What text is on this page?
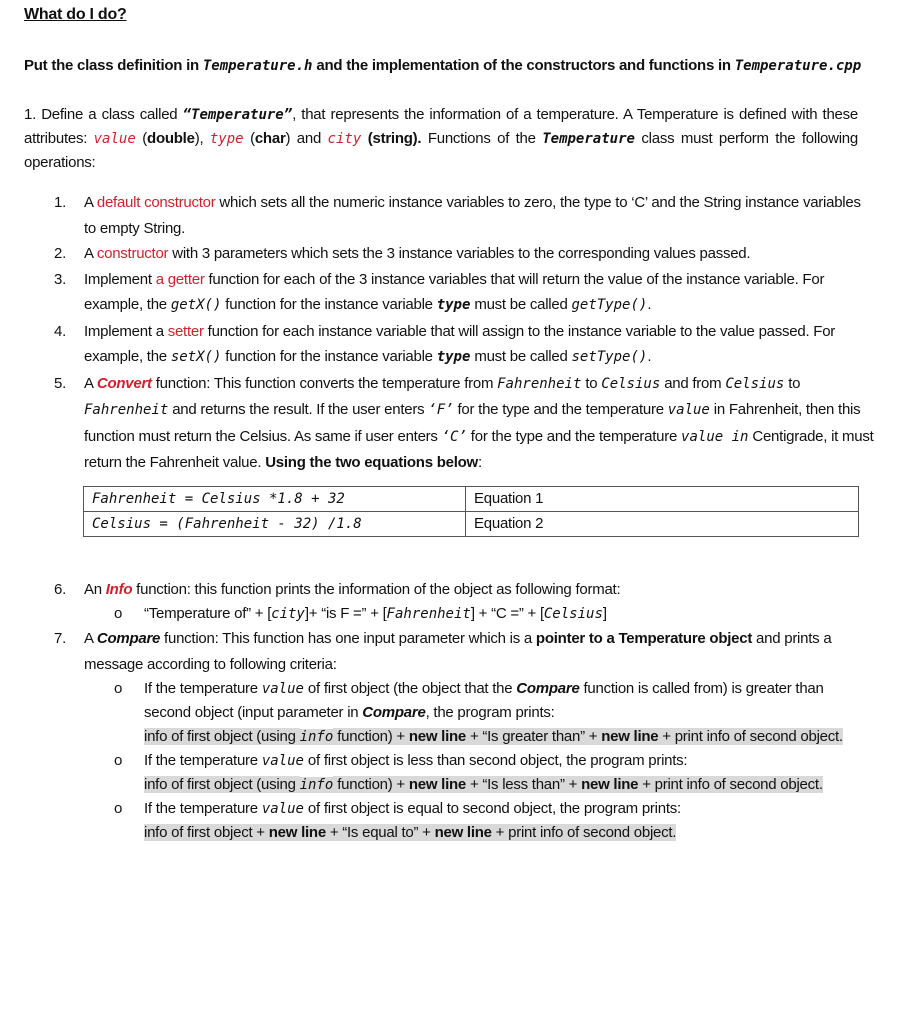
What do I do?

Put the class definition in Temperature.h and the implementation of the constructors and functions in Temperature.cpp

1. Define a class called “Temperature”, that represents the information of a temperature. A Temperature is defined with these attributes: value (double), type (char) and city (string). Functions of the Temperature class must perform the following operations:

1. A default constructor which sets all the numeric instance variables to zero, the type to ‘C’ and the String instance variables to empty String.
2. A constructor with 3 parameters which sets the 3 instance variables to the corresponding values passed.
3. Implement a getter function for each of the 3 instance variables that will return the value of the instance variable. For example, the getX() function for the instance variable type must be called getType().
4. Implement a setter function for each instance variable that will assign to the instance variable to the value passed. For example, the setX() function for the instance variable type must be called setType().
5. A Convert function: This function converts the temperature from Fahrenheit to Celsius and from Celsius to Fahrenheit and returns the result. If the user enters ‘F’ for the type and the temperature value in Fahrenheit, then this function must return the Celsius. As same if user enters ‘C’ for the type and the temperature value in Centigrade, it must return the Fahrenheit value. Using the two equations below:
Fahrenheit = Celsius *1.8 + 32	Equation 1
Celsius = (Fahrenheit - 32) /1.8	Equation 2
6. An Info function: this function prints the information of the object as following format:
o “Temperature of” + [city]+ “is F =” + [Fahrenheit] + “C =” + [Celsius]
7. A Compare function: This function has one input parameter which is a pointer to a Temperature object and prints a message according to following criteria:
o If the temperature value of first object (the object that the Compare function is called from) is greater than second object (input parameter in Compare, the program prints:
info of first object (using info function) + new line + “Is greater than” + new line + print info of second object.
o If the temperature value of first object is less than second object, the program prints:
info of first object (using info function) + new line + “Is less than” + new line + print info of second object.
o If the temperature value of first object is equal to second object, the program prints:
info of first object + new line + “Is equal to” + new line + print info of second object.
